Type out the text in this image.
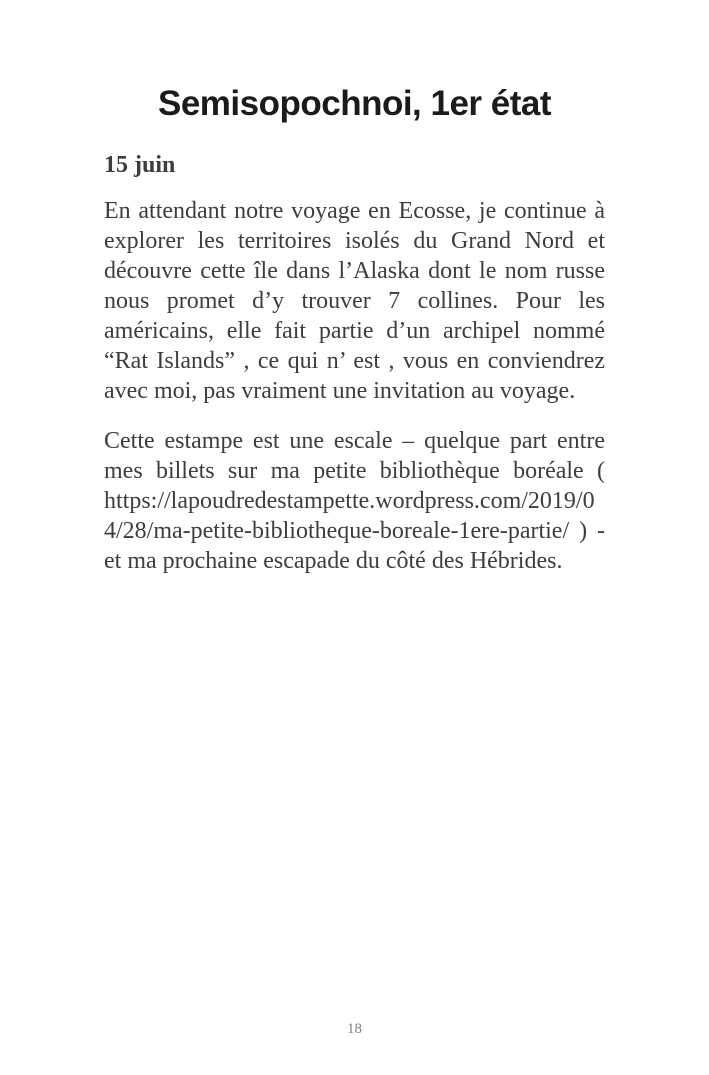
Semisopochnoi, 1er état
15 juin

En attendant notre voyage en Ecosse, je continue à explorer les territoires isolés du Grand Nord et découvre cette île dans l’Alaska dont le nom russe nous promet d’y trouver 7 collines. Pour les américains, elle fait partie d’un archipel nommé “Rat Islands” , ce qui n’ est , vous en conviendrez avec moi, pas vraiment une invitation au voyage.

Cette estampe est une escale – quelque part entre mes billets sur ma petite bibliothèque boréale ( https://lapoudredestampette.wordpress.com/2019/04/28/ma-petite-bibliotheque-boreale-1ere-partie/ ) -et ma prochaine escapade du côté des Hébrides.

18
